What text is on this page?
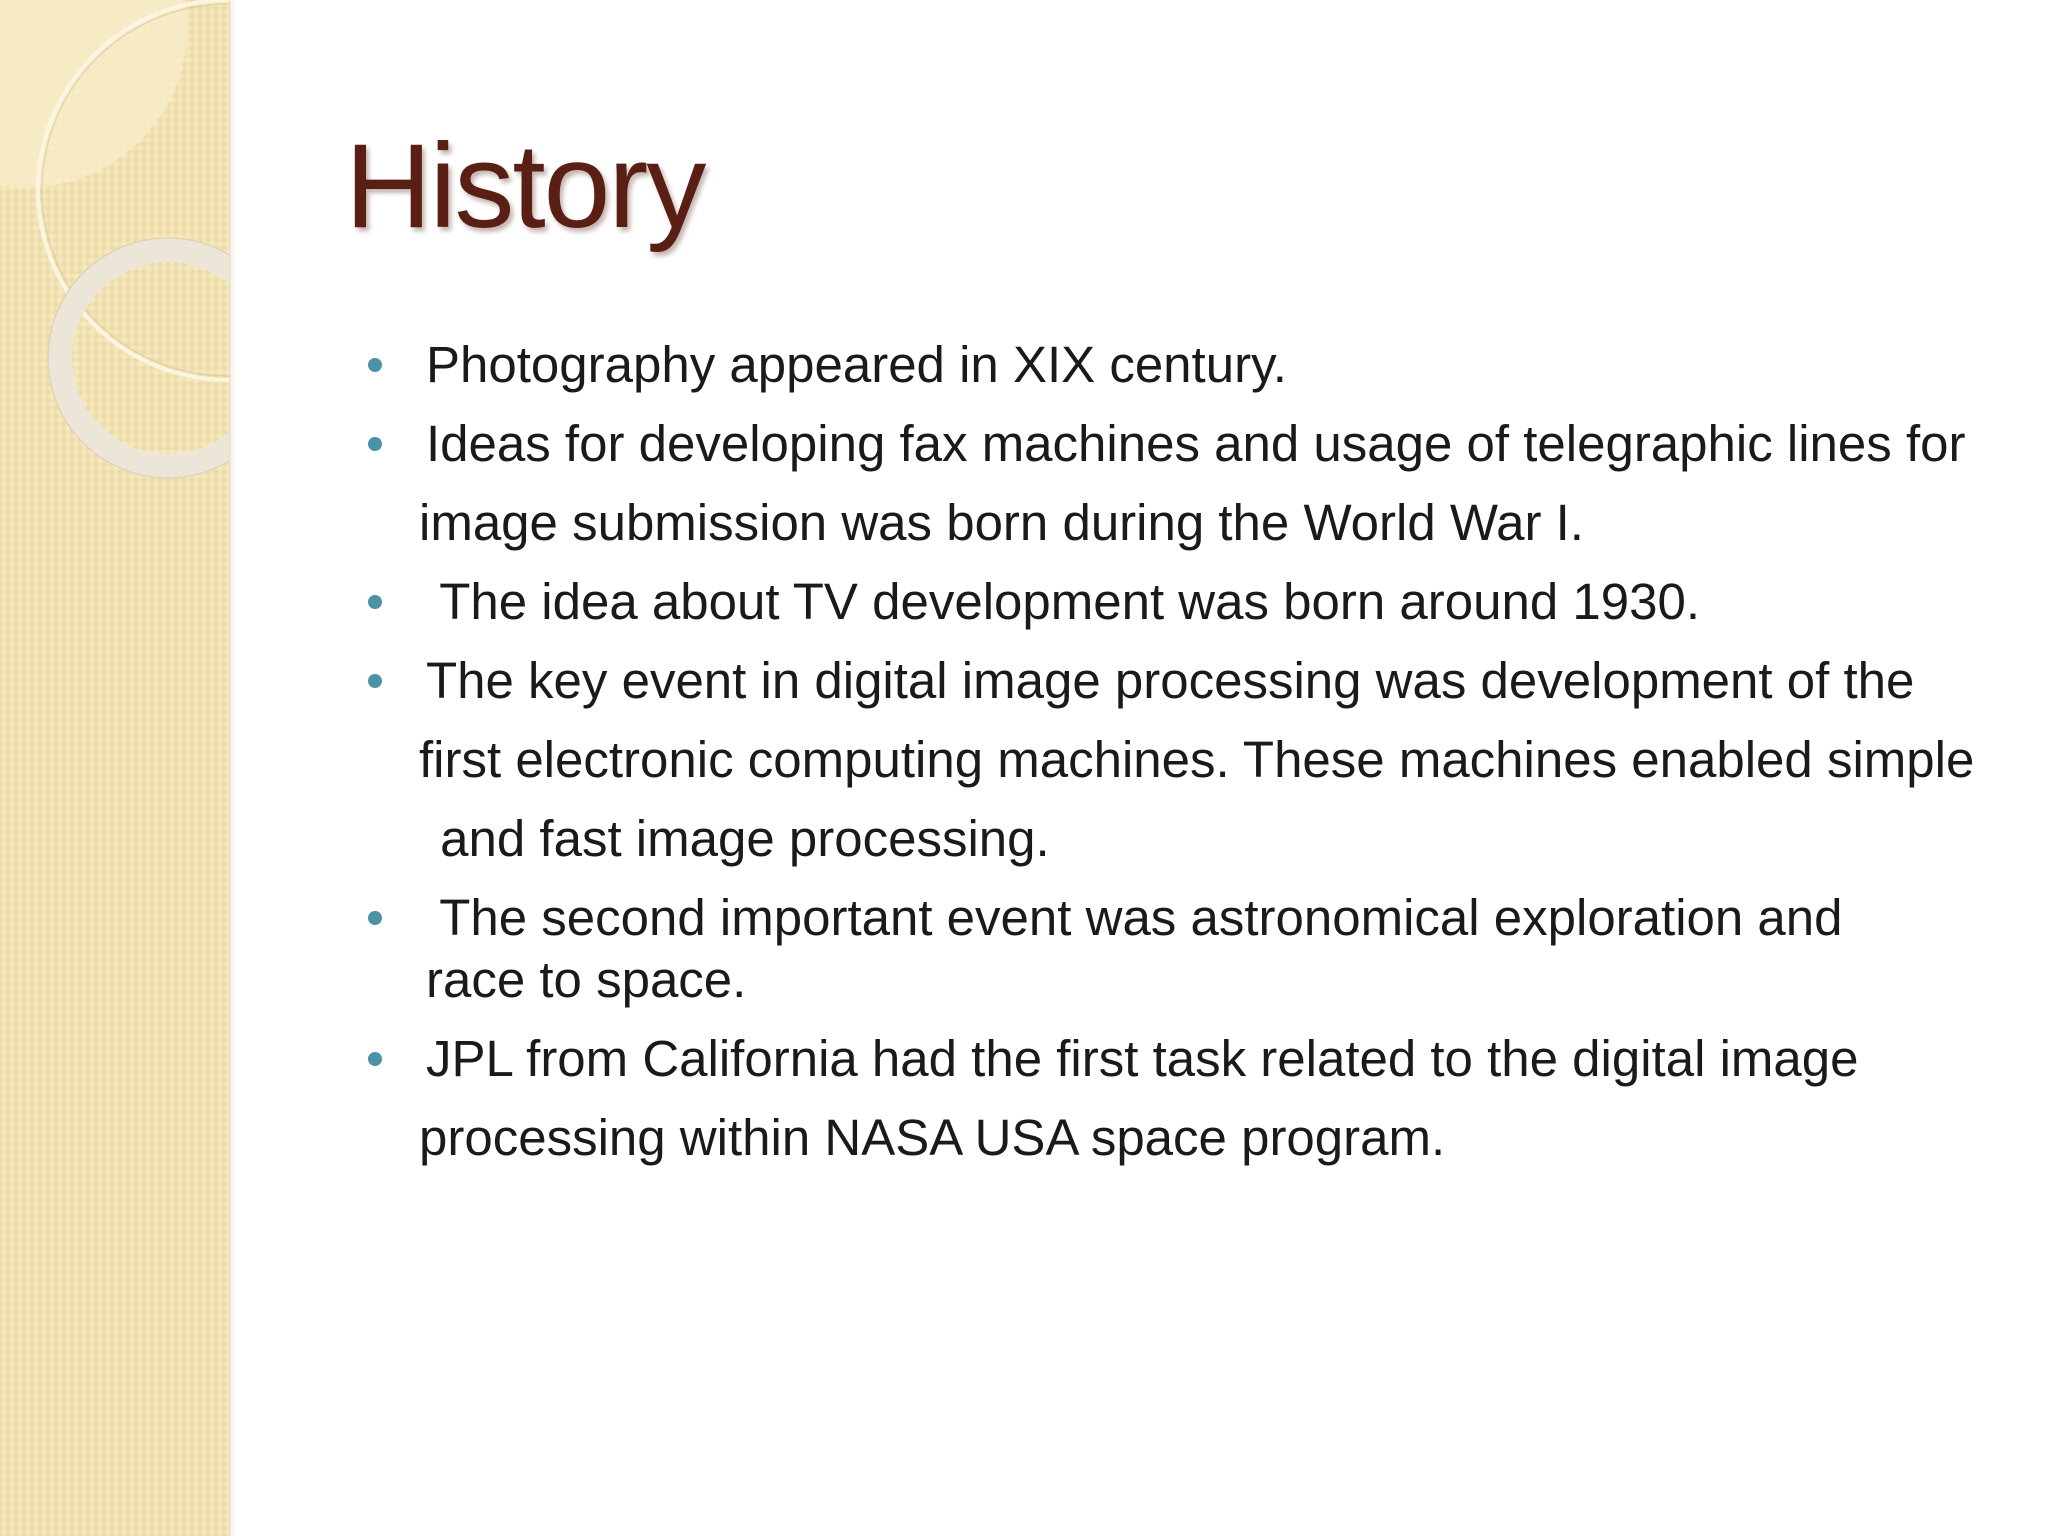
History
Photography appeared in XIX century.
Ideas for developing fax machines and usage of telegraphic lines for
image submission was born during the World War I.
The idea about TV development was born around 1930.
The key event in digital image processing was development of the
first electronic computing machines. These machines enabled simple
and fast image processing.
The second important event was astronomical exploration and
race to space.
JPL from California had the first task related to the digital image
processing within NASA USA space program.
